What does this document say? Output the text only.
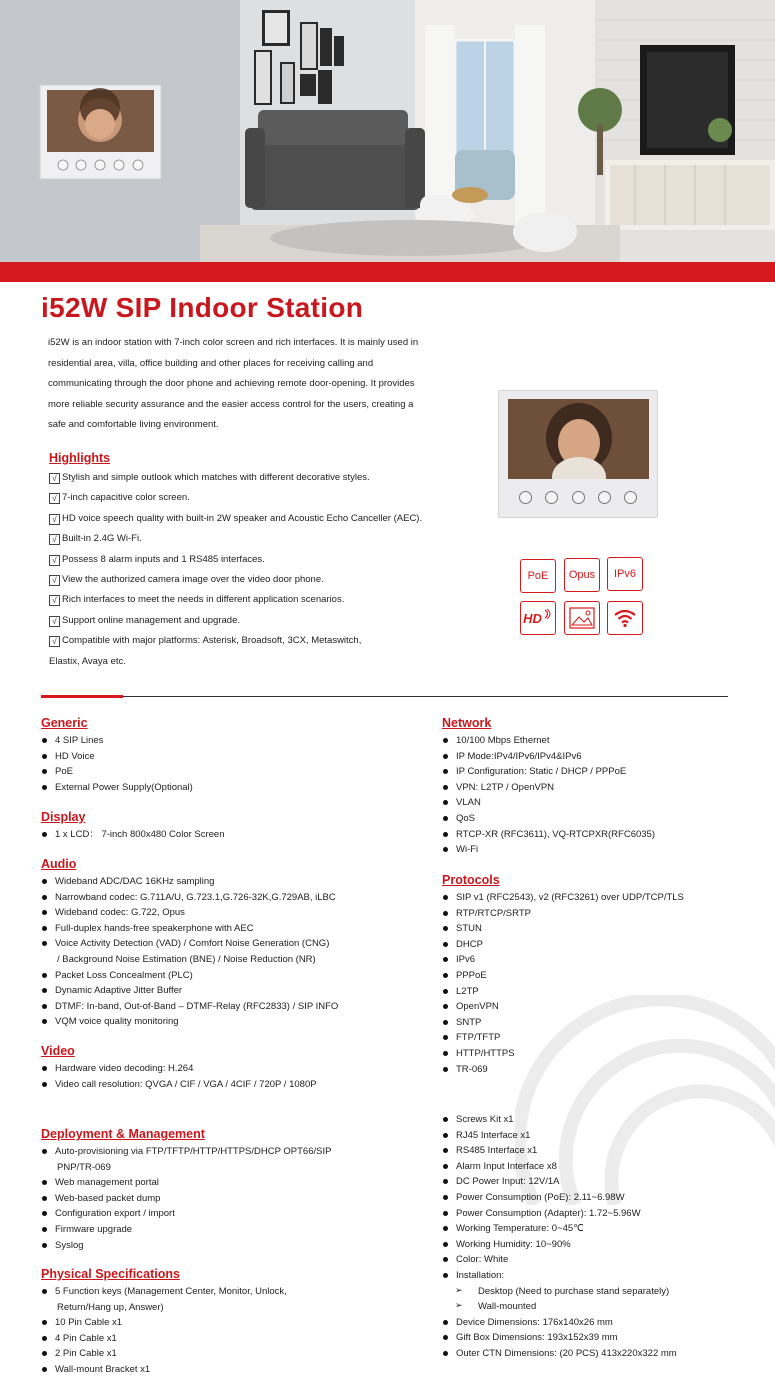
i52W SIP Indoor Station

i52W is an indoor station with 7-inch color screen and rich interfaces. It is mainly used in residential area, villa, office building and other places for receiving calling and communicating through the door phone and achieving remote door-opening. It provides more reliable security assurance and the easier access control for the users, creating a safe and comfortable living environment.

Highlights
√ Stylish and simple outlook which matches with different decorative styles.
√ 7-inch capacitive color screen.
√ HD voice speech quality with built-in 2W speaker and Acoustic Echo Canceller (AEC).
√ Built-in 2.4G Wi-Fi.
√ Possess 8 alarm inputs and 1 RS485 interfaces.
√ View the authorized camera image over the video door phone.
√ Rich interfaces to meet the needs in different application scenarios.
√ Support online management and upgrade.
√ Compatible with major platforms: Asterisk, Broadsoft, 3CX, Metaswitch,
Elastix, Avaya etc.
PoE Opus IPv6
HD
Generic
4 SIP Lines
HD Voice
PoE
External Power Supply(Optional)
Display
1 x LCD： 7-inch 800x480 Color Screen
Audio
Wideband ADC/DAC 16KHz sampling
Narrowband codec: G.711A/U, G.723.1,G.726-32K,G.729AB, iLBC
Wideband codec: G.722, Opus
Full-duplex hands-free speakerphone with AEC
Voice Activity Detection (VAD) / Comfort Noise Generation (CNG)
/ Background Noise Estimation (BNE) / Noise Reduction (NR)
Packet Loss Concealment (PLC)
Dynamic Adaptive Jitter Buffer
DTMF: In-band, Out-of-Band – DTMF-Relay (RFC2833) / SIP INFO
VQM voice quality monitoring
Video
Hardware video decoding: H.264
Video call resolution: QVGA / CIF / VGA / 4CIF / 720P / 1080P
Deployment & Management
Auto-provisioning via FTP/TFTP/HTTP/HTTPS/DHCP OPT66/SIP
PNP/TR-069
Web management portal
Web-based packet dump
Configuration export / import
Firmware upgrade
Syslog
Physical Specifications
5 Function keys (Management Center, Monitor, Unlock,
Return/Hang up, Answer)
10 Pin Cable x1
4 Pin Cable x1
2 Pin Cable x1
Wall-mount Bracket x1
Network
10/100 Mbps Ethernet
IP Mode:IPv4/IPv6/IPv4&IPv6
IP Configuration: Static / DHCP / PPPoE
VPN: L2TP / OpenVPN
VLAN
QoS
RTCP-XR (RFC3611), VQ-RTCPXR(RFC6035)
Wi-Fi
Protocols
SIP v1 (RFC2543), v2 (RFC3261) over UDP/TCP/TLS
RTP/RTCP/SRTP
STUN
DHCP
IPv6
PPPoE
L2TP
OpenVPN
SNTP
FTP/TFTP
HTTP/HTTPS
TR-069
Screws Kit x1
RJ45 Interface x1
RS485 Interface x1
Alarm Input Interface x8
DC Power Input: 12V/1A
Power Consumption (PoE): 2.11~6.98W
Power Consumption (Adapter): 1.72~5.96W
Working Temperature: 0~45℃
Working Humidity: 10~90%
Color: White
Installation:
➢ Desktop (Need to purchase stand separately)
➢ Wall-mounted
Device Dimensions: 176x140x26 mm
Gift Box Dimensions: 193x152x39 mm
Outer CTN Dimensions: (20 PCS) 413x220x322 mm
